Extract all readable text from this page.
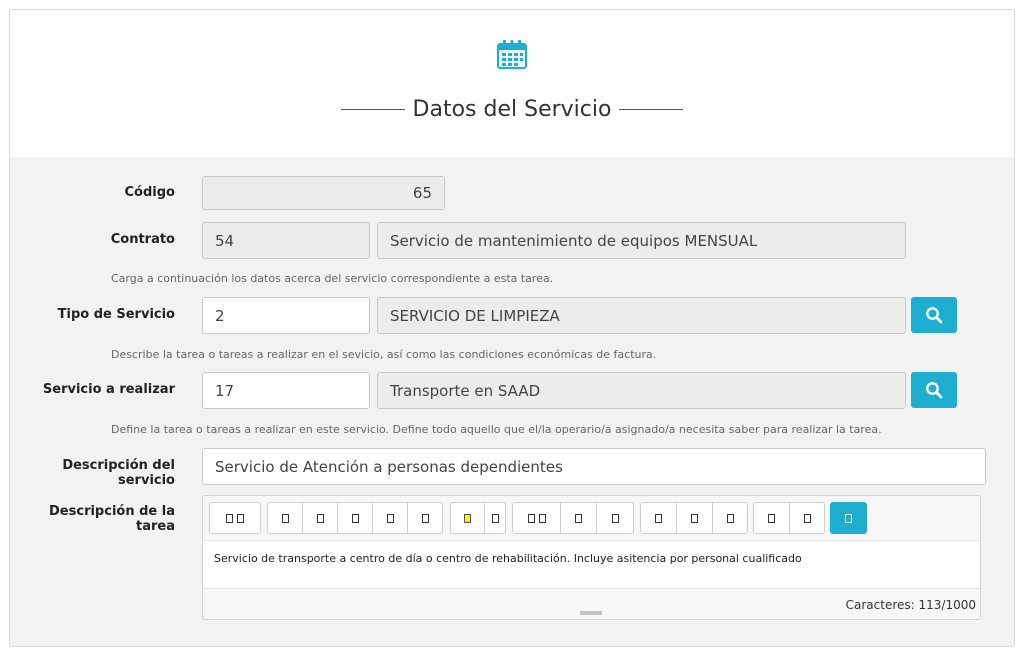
Datos del Servicio
Código	65
Contrato	54	Servicio de mantenimiento de equipos MENSUAL
Carga a continuación los datos acerca del servicio correspondiente a esta tarea.
Tipo de Servicio	2	SERVICIO DE LIMPIEZA
Describe la tarea o tareas a realizar en el sevicio, así como las condiciones económicas de factura.
Servicio a realizar	17	Transporte en SAAD
Define la tarea o tareas a realizar en este servicio. Define todo aquello que el/la operario/a asignado/a necesita saber para realizar la tarea.
Descripción del servicio
Servicio de Atención a personas dependientes
Descripción de la tarea
Servicio de transporte a centro de día o centro de rehabilitación. Incluye asitencia por personal cualificado
Caracteres: 113/1000
